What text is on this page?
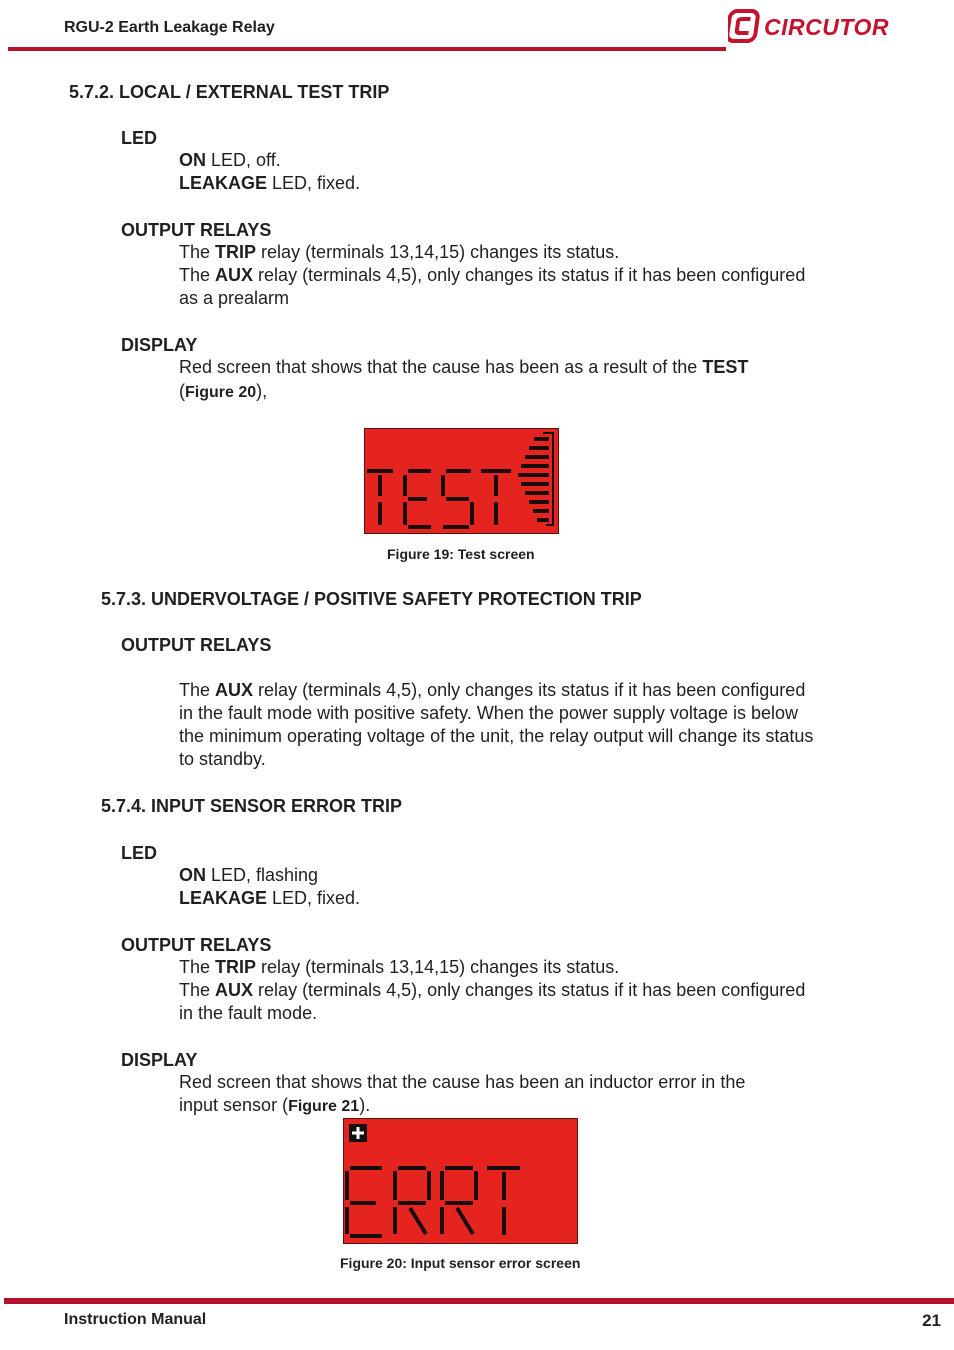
RGU-2 Earth Leakage Relay	CIRCUTOR
5.7.2. LOCAL / EXTERNAL TEST TRIP
LED
ON LED, off.
LEAKAGE LED, fixed.
OUTPUT RELAYS
The TRIP relay (terminals 13,14,15) changes its status.
The AUX relay (terminals 4,5), only changes its status if it has been configured
as a prealarm
DISPLAY
Red screen that shows that the cause has been as a result of the TEST
(Figure 20),
Figure 19: Test screen
5.7.3. UNDERVOLTAGE / POSITIVE SAFETY PROTECTION TRIP
OUTPUT RELAYS
The AUX relay (terminals 4,5), only changes its status if it has been configured
in the fault mode with positive safety. When the power supply voltage is below
the minimum operating voltage of the unit, the relay output will change its status
to standby.
5.7.4. INPUT SENSOR ERROR TRIP
LED
ON LED, flashing
LEAKAGE LED, fixed.
OUTPUT RELAYS
The TRIP relay (terminals 13,14,15) changes its status.
The AUX relay (terminals 4,5), only changes its status if it has been configured
in the fault mode.
DISPLAY
Red screen that shows that the cause has been an inductor error in the
input sensor (Figure 21).
Figure 20: Input sensor error screen
Instruction Manual	21
